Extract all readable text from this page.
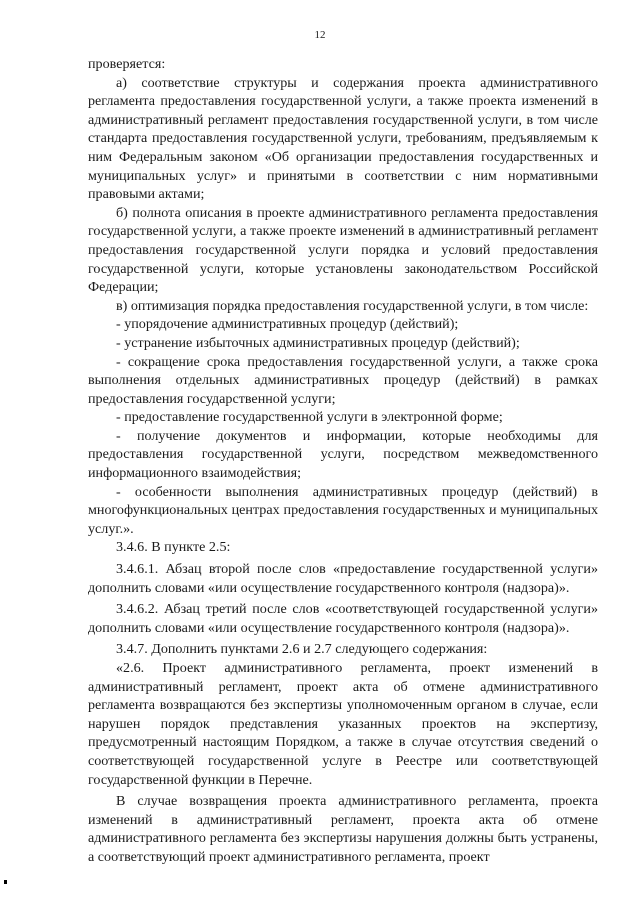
12

проверяется:

а) соответствие структуры и содержания проекта административного регламента предоставления государственной услуги, а также проекта изменений в административный регламент предоставления государственной услуги, в том числе стандарта предоставления государственной услуги, требованиям, предъявляемым к ним Федеральным законом «Об организации предоставления государственных и муниципальных услуг» и принятыми в соответствии с ним нормативными правовыми актами;

б) полнота описания в проекте административного регламента предоставления государственной услуги, а также проекте изменений в административный регламент предоставления государственной услуги порядка и условий предоставления государственной услуги, которые установлены законодательством Российской Федерации;

в) оптимизация порядка предоставления государственной услуги, в том числе:

- упорядочение административных процедур (действий);

- устранение избыточных административных процедур (действий);

- сокращение срока предоставления государственной услуги, а также срока выполнения отдельных административных процедур (действий) в рамках предоставления государственной услуги;

- предоставление государственной услуги в электронной форме;

- получение документов и информации, которые необходимы для предоставления государственной услуги, посредством межведомственного информационного взаимодействия;

- особенности выполнения административных процедур (действий) в многофункциональных центрах предоставления государственных и муниципальных услуг.».

3.4.6. В пункте 2.5:

3.4.6.1. Абзац второй после слов «предоставление государственной услуги» дополнить словами «или осуществление государственного контроля (надзора)».

3.4.6.2. Абзац третий после слов «соответствующей государственной услуги» дополнить словами «или осуществление государственного контроля (надзора)».

3.4.7. Дополнить пунктами 2.6 и 2.7 следующего содержания:

«2.6. Проект административного регламента, проект изменений в административный регламент, проект акта об отмене административного регламента возвращаются без экспертизы уполномоченным органом в случае, если нарушен порядок представления указанных проектов на экспертизу, предусмотренный настоящим Порядком, а также в случае отсутствия сведений о соответствующей государственной услуге в Реестре или соответствующей государственной функции в Перечне.

В случае возвращения проекта административного регламента, проекта изменений в административный регламент, проекта акта об отмене административного регламента без экспертизы нарушения должны быть устранены, а соответствующий проект административного регламента, проект
